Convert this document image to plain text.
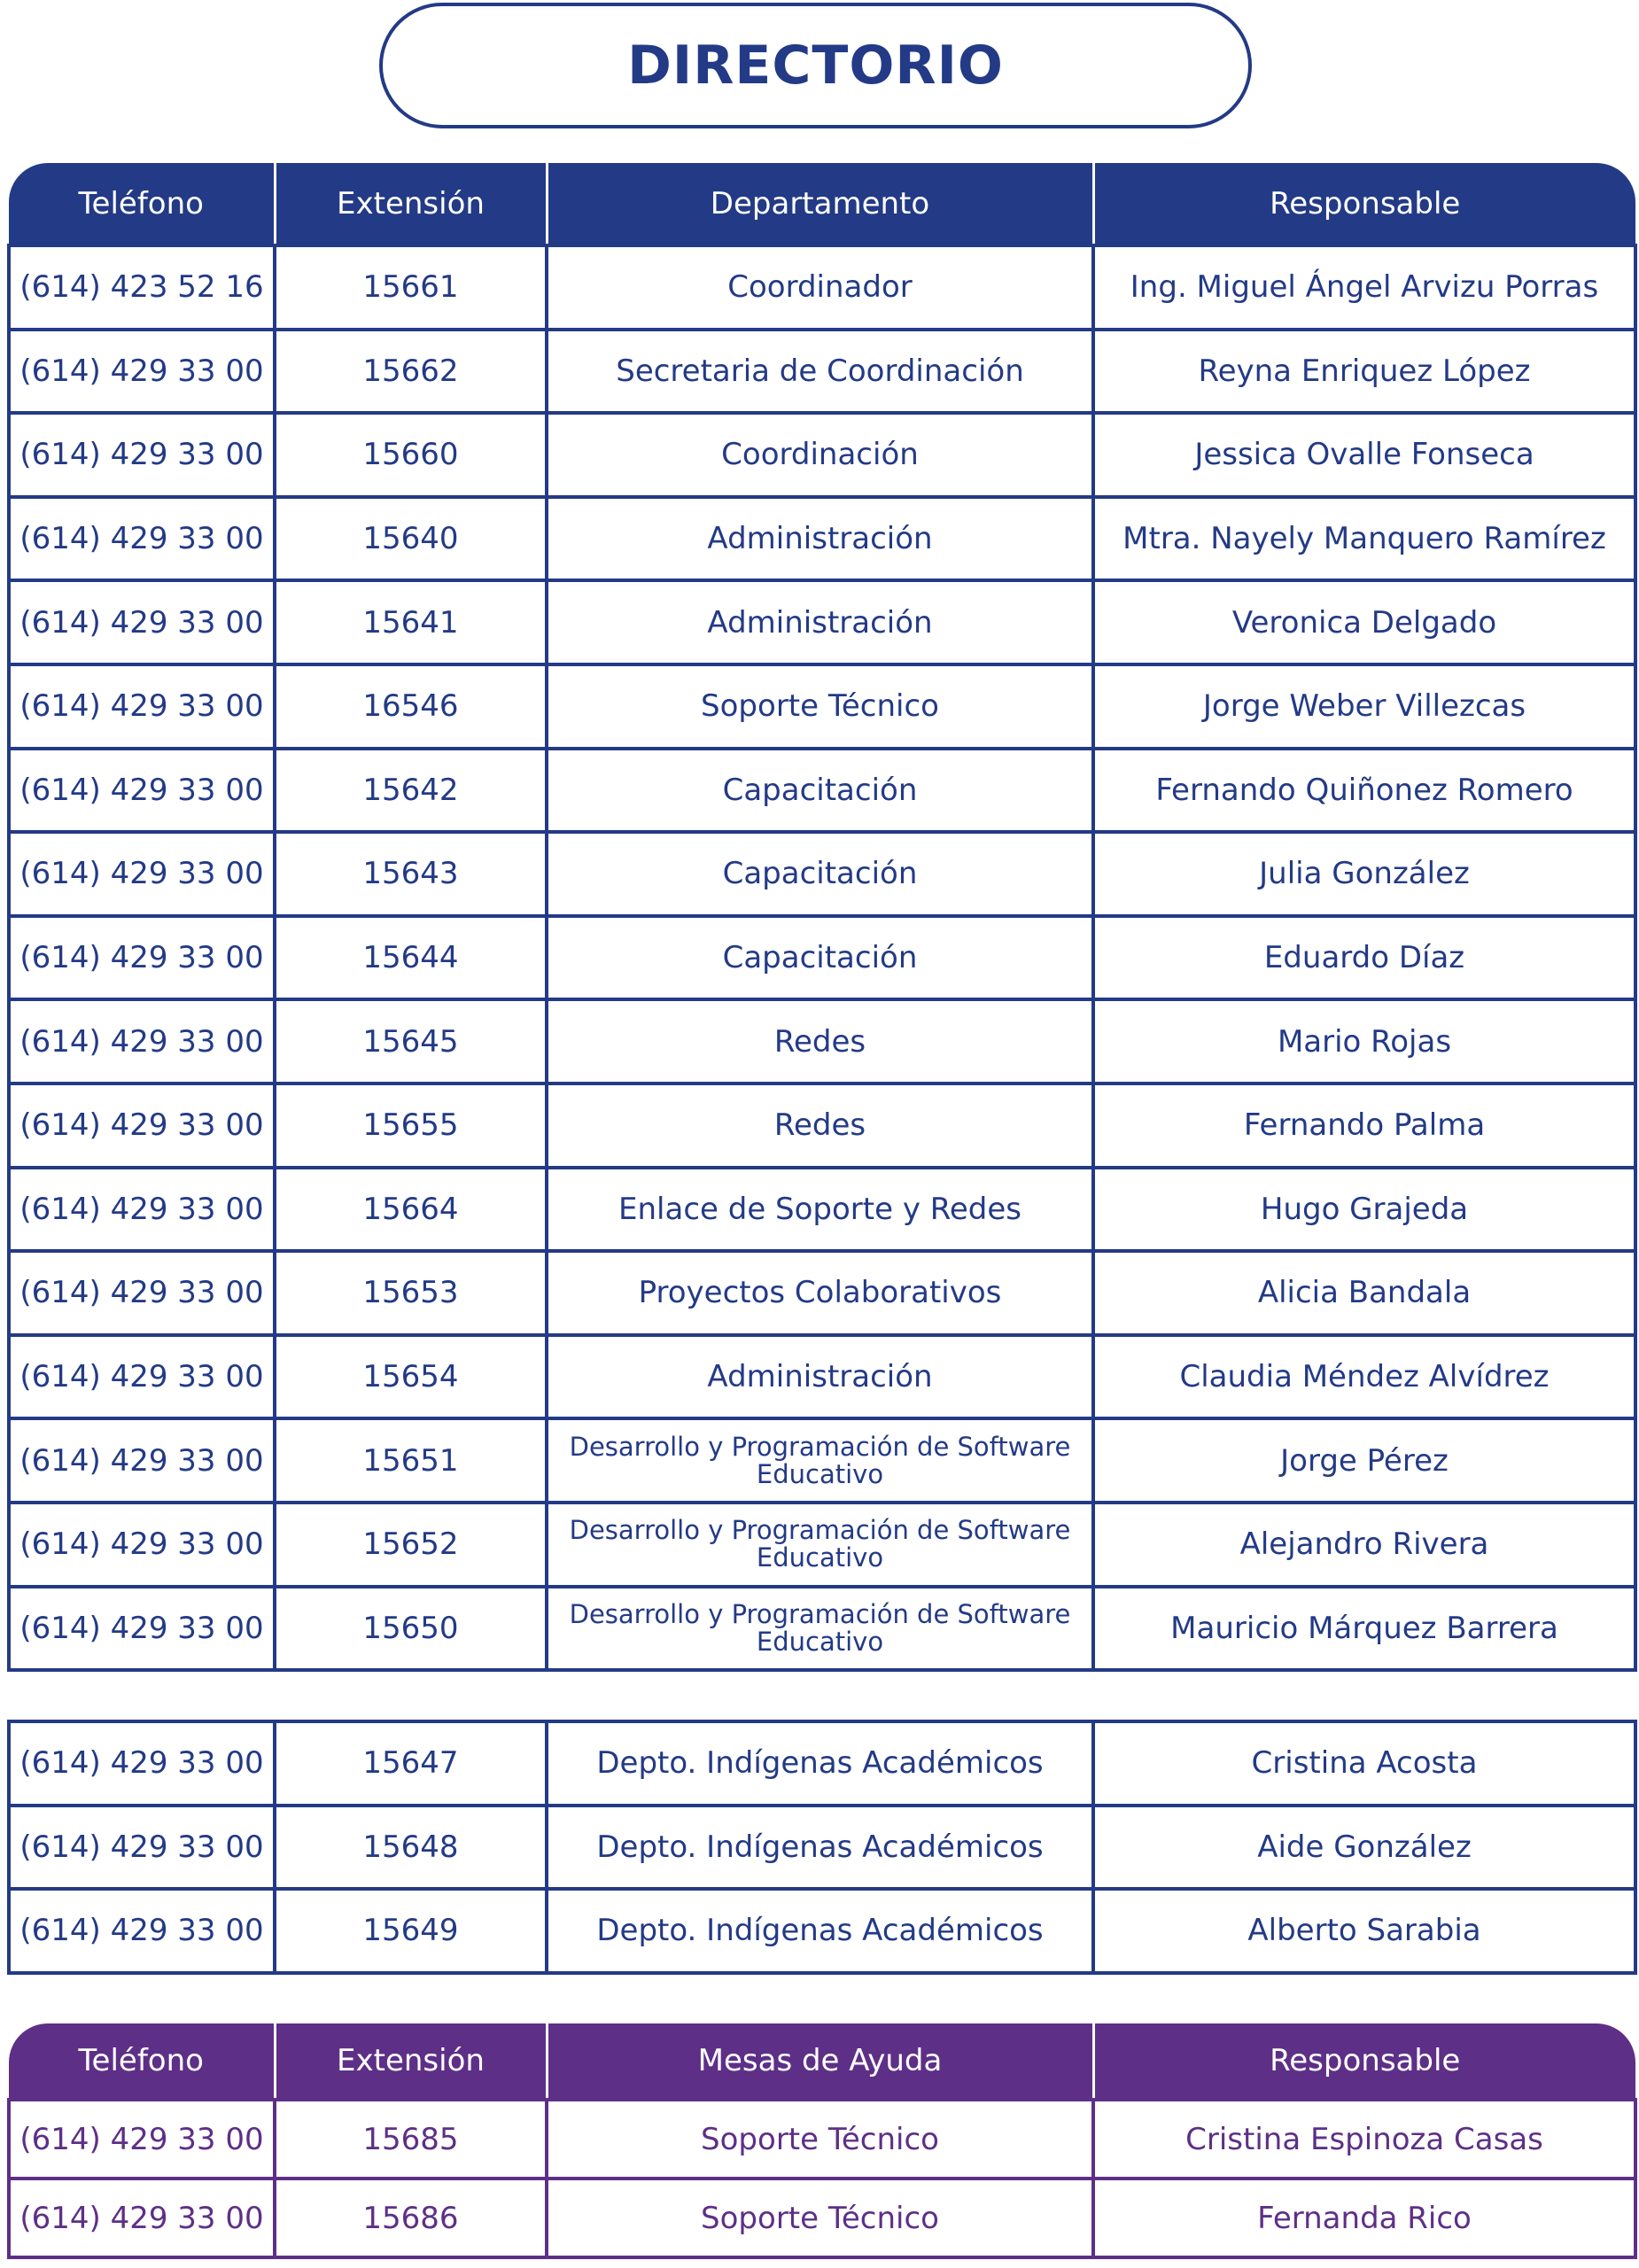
DIRECTORIO
Teléfono	Extensión	Departamento	Responsable
(614) 423 52 16	15661	Coordinador	Ing. Miguel Ángel Arvizu Porras
(614) 429 33 00	15662	Secretaria de Coordinación	Reyna Enriquez López
(614) 429 33 00	15660	Coordinación	Jessica Ovalle Fonseca
(614) 429 33 00	15640	Administración	Mtra. Nayely Manquero Ramírez
(614) 429 33 00	15641	Administración	Veronica Delgado
(614) 429 33 00	16546	Soporte Técnico	Jorge Weber Villezcas
(614) 429 33 00	15642	Capacitación	Fernando Quiñonez Romero
(614) 429 33 00	15643	Capacitación	Julia González
(614) 429 33 00	15644	Capacitación	Eduardo Díaz
(614) 429 33 00	15645	Redes	Mario Rojas
(614) 429 33 00	15655	Redes	Fernando Palma
(614) 429 33 00	15664	Enlace de Soporte y Redes	Hugo Grajeda
(614) 429 33 00	15653	Proyectos Colaborativos	Alicia Bandala
(614) 429 33 00	15654	Administración	Claudia Méndez Alvídrez
(614) 429 33 00	15651	Desarrollo y Programación de Software Educativo	Jorge Pérez
(614) 429 33 00	15652	Desarrollo y Programación de Software Educativo	Alejandro Rivera
(614) 429 33 00	15650	Desarrollo y Programación de Software Educativo	Mauricio Márquez Barrera
(614) 429 33 00	15647	Depto. Indígenas Académicos	Cristina Acosta
(614) 429 33 00	15648	Depto. Indígenas Académicos	Aide González
(614) 429 33 00	15649	Depto. Indígenas Académicos	Alberto Sarabia
Teléfono	Extensión	Mesas de Ayuda	Responsable
(614) 429 33 00	15685	Soporte Técnico	Cristina Espinoza Casas
(614) 429 33 00	15686	Soporte Técnico	Fernanda Rico
